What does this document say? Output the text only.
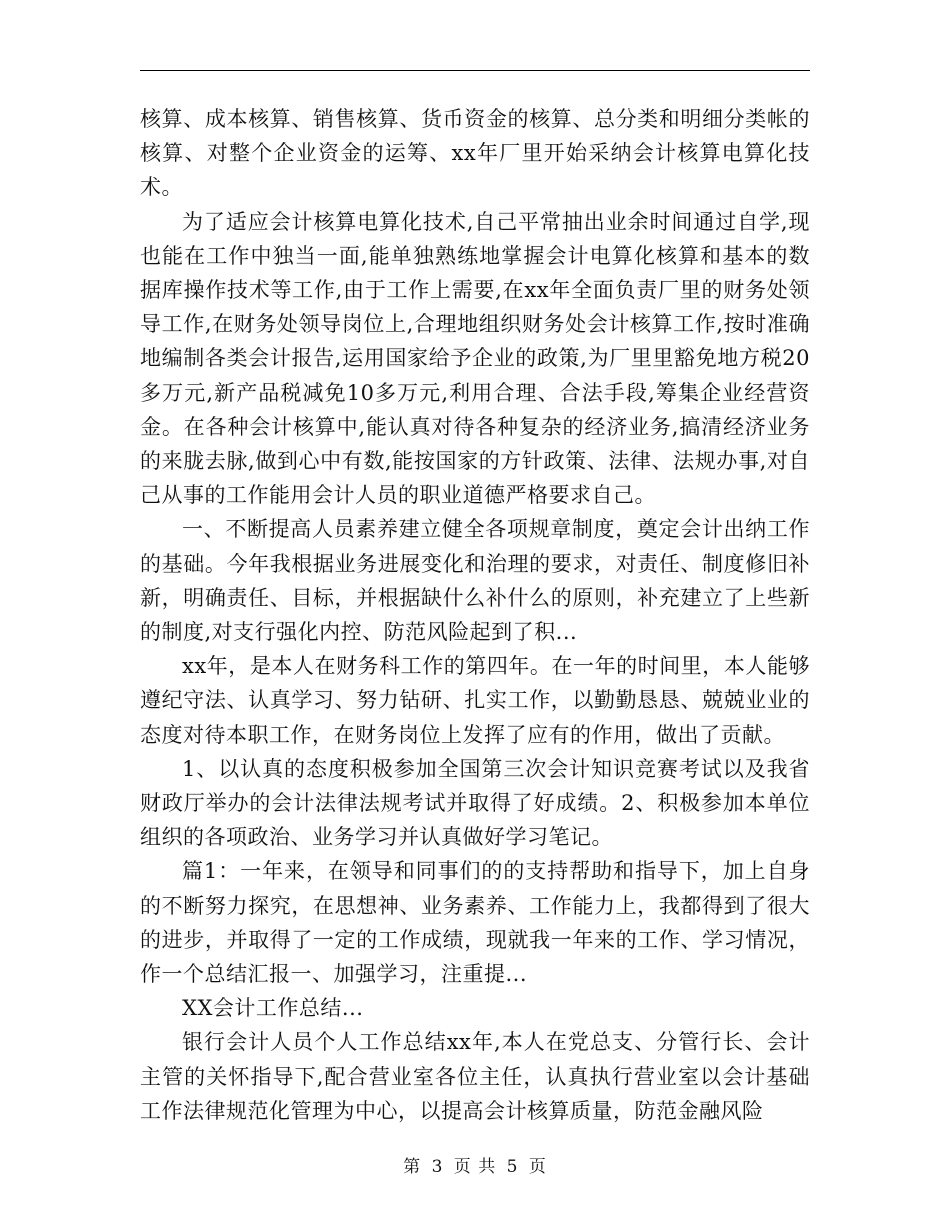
核算、成本核算、销售核算、货币资金的核算、总分类和明细分类帐的核算、对整个企业资金的运筹、xx年厂里开始采纳会计核算电算化技术。

为了适应会计核算电算化技术,自己平常抽出业余时间通过自学,现也能在工作中独当一面,能单独熟练地掌握会计电算化核算和基本的数据库操作技术等工作,由于工作上需要,在xx年全面负责厂里的财务处领导工作,在财务处领导岗位上,合理地组织财务处会计核算工作,按时准确地编制各类会计报告,运用国家给予企业的政策,为厂里里豁免地方税20多万元,新产品税减免10多万元,利用合理、合法手段,筹集企业经营资金。在各种会计核算中,能认真对待各种复杂的经济业务,搞清经济业务的来胧去脉,做到心中有数,能按国家的方针政策、法律、法规办事,对自己从事的工作能用会计人员的职业道德严格要求自己。

一、不断提高人员素养建立健全各项规章制度，奠定会计出纳工作的基础。今年我根据业务进展变化和治理的要求，对责任、制度修旧补新，明确责任、目标，并根据缺什么补什么的原则，补充建立了上些新的制度,对支行强化内控、防范风险起到了积...

xx年，是本人在财务科工作的第四年。在一年的时间里，本人能够遵纪守法、认真学习、努力钻研、扎实工作，以勤勤恳恳、兢兢业业的态度对待本职工作，在财务岗位上发挥了应有的作用，做出了贡献。

1、以认真的态度积极参加全国第三次会计知识竞赛考试以及我省财政厅举办的会计法律法规考试并取得了好成绩。2、积极参加本单位组织的各项政治、业务学习并认真做好学习笔记。

篇1：一年来，在领导和同事们的的支持帮助和指导下，加上自身的不断努力探究，在思想神、业务素养、工作能力上，我都得到了很大的进步，并取得了一定的工作成绩，现就我一年来的工作、学习情况，作一个总结汇报一、加强学习，注重提...

XX会计工作总结...

银行会计人员个人工作总结xx年,本人在党总支、分管行长、会计主管的关怀指导下,配合营业室各位主任，认真执行营业室以会计基础工作法律规范化管理为中心，以提高会计核算质量，防范金融风险

第 3 页 共 5 页
